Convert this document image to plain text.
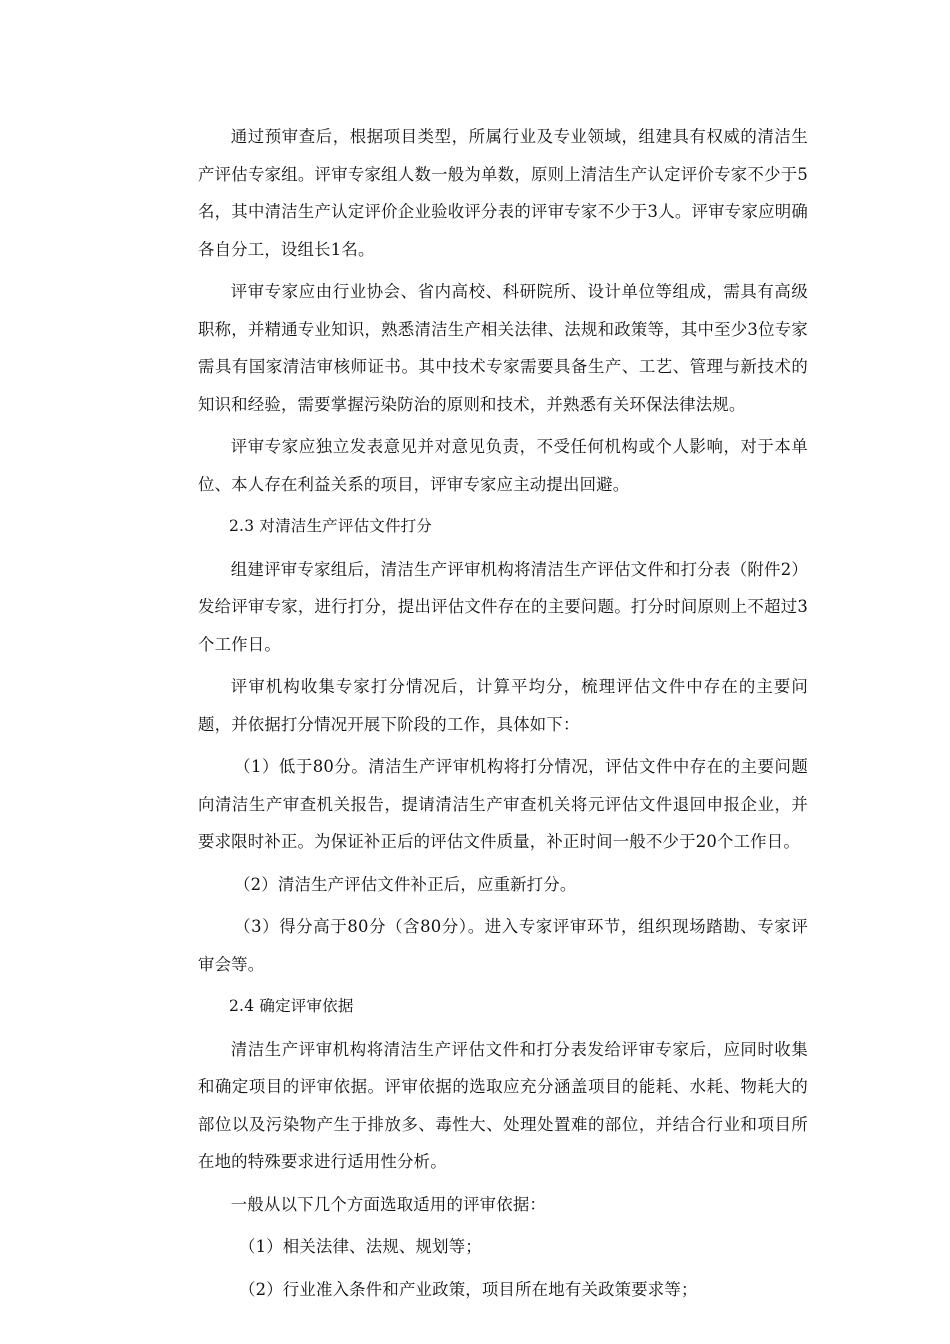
通过预审查后，根据项目类型，所属行业及专业领域，组建具有权威的清洁生产评估专家组。评审专家组人数一般为单数，原则上清洁生产认定评价专家不少于5名，其中清洁生产认定评价企业验收评分表的评审专家不少于3人。评审专家应明确各自分工，设组长1名。

评审专家应由行业协会、省内高校、科研院所、设计单位等组成，需具有高级职称，并精通专业知识，熟悉清洁生产相关法律、法规和政策等，其中至少3位专家需具有国家清洁审核师证书。其中技术专家需要具备生产、工艺、管理与新技术的知识和经验，需要掌握污染防治的原则和技术，并熟悉有关环保法律法规。

评审专家应独立发表意见并对意见负责，不受任何机构或个人影响，对于本单位、本人存在利益关系的项目，评审专家应主动提出回避。

2.3 对清洁生产评估文件打分

组建评审专家组后，清洁生产评审机构将清洁生产评估文件和打分表（附件2）发给评审专家，进行打分，提出评估文件存在的主要问题。打分时间原则上不超过3个工作日。

评审机构收集专家打分情况后，计算平均分，梳理评估文件中存在的主要问题，并依据打分情况开展下阶段的工作，具体如下：

（1）低于80分。清洁生产评审机构将打分情况，评估文件中存在的主要问题向清洁生产审查机关报告，提请清洁生产审查机关将元评估文件退回申报企业，并要求限时补正。为保证补正后的评估文件质量，补正时间一般不少于20个工作日。

（2）清洁生产评估文件补正后，应重新打分。

（3）得分高于80分（含80分）。进入专家评审环节，组织现场踏勘、专家评审会等。

2.4 确定评审依据

清洁生产评审机构将清洁生产评估文件和打分表发给评审专家后，应同时收集和确定项目的评审依据。评审依据的选取应充分涵盖项目的能耗、水耗、物耗大的部位以及污染物产生于排放多、毒性大、处理处置难的部位，并结合行业和项目所在地的特殊要求进行适用性分析。

一般从以下几个方面选取适用的评审依据：

（1）相关法律、法规、规划等；

（2）行业准入条件和产业政策，项目所在地有关政策要求等；
